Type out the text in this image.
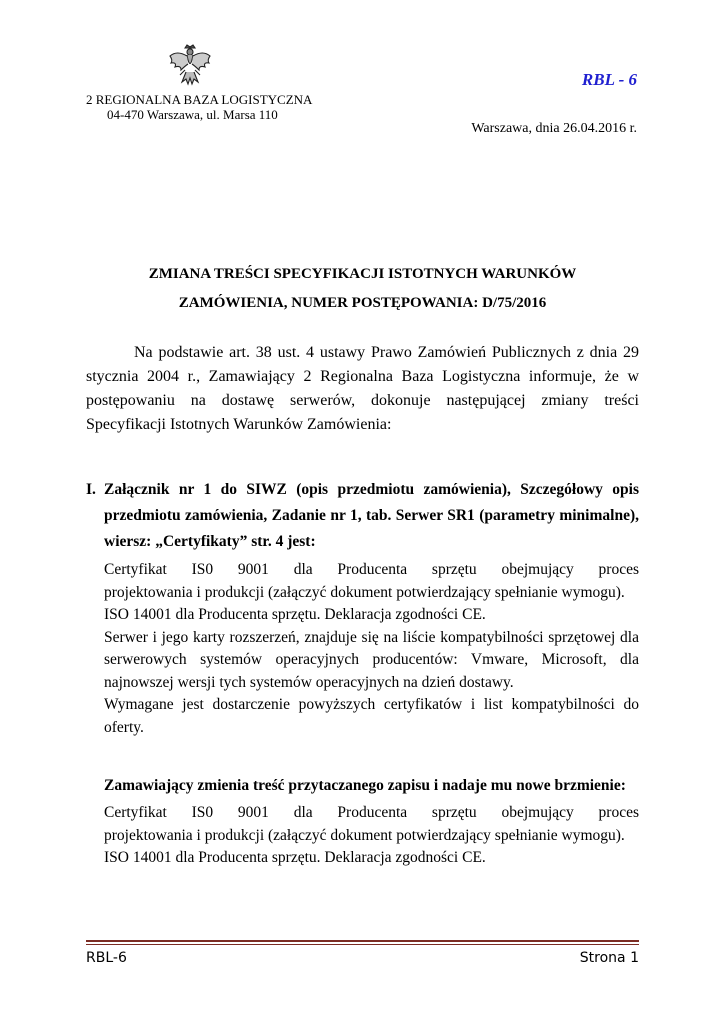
2 REGIONALNA BAZA LOGISTYCZNA
04-470 Warszawa, ul. Marsa 110
RBL - 6
Warszawa, dnia 26.04.2016 r.
ZMIANA TREŚCI SPECYFIKACJI ISTOTNYCH WARUNKÓW
ZAMÓWIENIA, NUMER POSTĘPOWANIA: D/75/2016
Na podstawie art. 38 ust. 4 ustawy Prawo Zamówień Publicznych z dnia 29 stycznia 2004 r., Zamawiający 2 Regionalna Baza Logistyczna informuje, że w postępowaniu na dostawę serwerów, dokonuje następującej zmiany treści Specyfikacji Istotnych Warunków Zamówienia:
I. Załącznik nr 1 do SIWZ (opis przedmiotu zamówienia), Szczegółowy opis przedmiotu zamówienia, Zadanie nr 1, tab. Serwer SR1 (parametry minimalne), wiersz: „Certyfikaty” str. 4 jest:

Certyfikat IS0 9001 dla Producenta sprzętu obejmujący proces

projektowania i produkcji (załączyć dokument potwierdzający spełnianie wymogu).

ISO 14001 dla Producenta sprzętu. Deklaracja zgodności CE.

Serwer i jego karty rozszerzeń, znajduje się na liście kompatybilności sprzętowej dla serwerowych systemów operacyjnych producentów: Vmware, Microsoft, dla najnowszej wersji tych systemów operacyjnych na dzień dostawy.

Wymagane jest dostarczenie powyższych certyfikatów i list kompatybilności do oferty.

Zamawiający zmienia treść przytaczanego zapisu i nadaje mu nowe brzmienie:

Certyfikat IS0 9001 dla Producenta sprzętu obejmujący proces

projektowania i produkcji (załączyć dokument potwierdzający spełnianie wymogu).

ISO 14001 dla Producenta sprzętu. Deklaracja zgodności CE.

RBL-6	Strona 1
